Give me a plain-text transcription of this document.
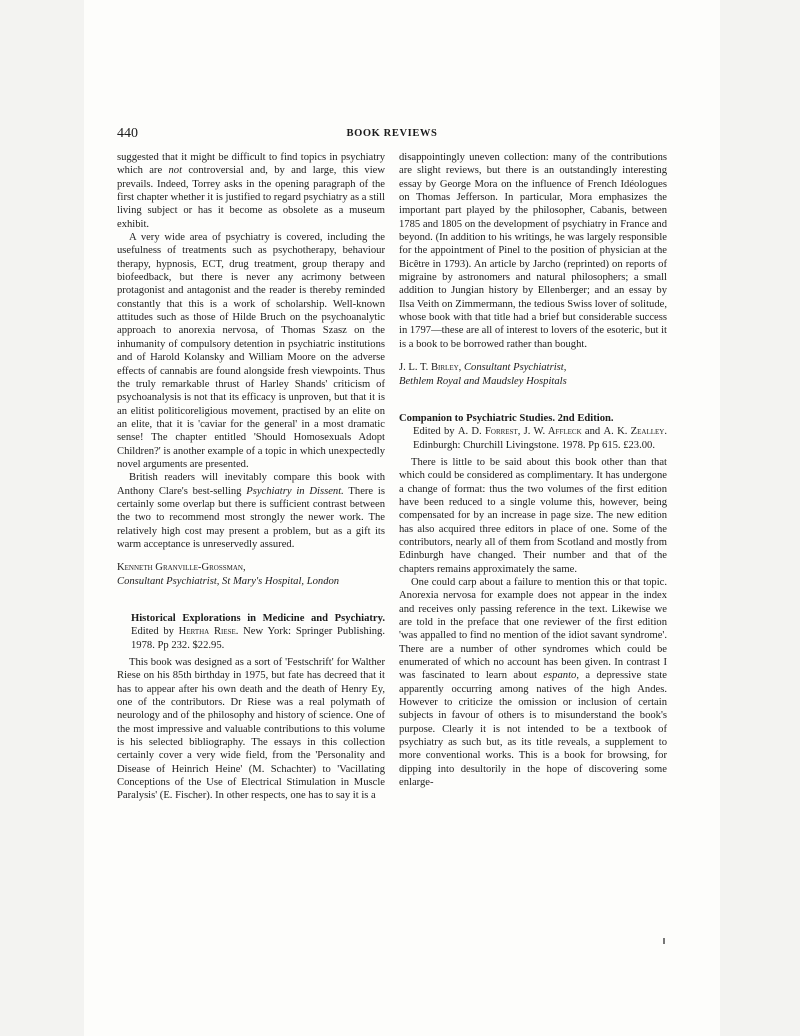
440	BOOK REVIEWS

suggested that it might be difficult to find topics in psychiatry which are not controversial and, by and large, this view prevails. Indeed, Torrey asks in the opening paragraph of the first chapter whether it is justified to regard psychiatry as a still living subject or has it become as obsolete as a museum exhibit.

A very wide area of psychiatry is covered, including the usefulness of treatments such as psychotherapy, behaviour therapy, hypnosis, ECT, drug treatment, group therapy and biofeedback, but there is never any acrimony between protagonist and antagonist and the reader is thereby reminded constantly that this is a work of scholarship. Well-known attitudes such as those of Hilde Bruch on the psychoanalytic approach to anorexia nervosa, of Thomas Szasz on the inhumanity of compulsory detention in psychiatric institutions and of Harold Kolansky and William Moore on the adverse effects of cannabis are found alongside fresh viewpoints. Thus the truly remarkable thrust of Harley Shands' criticism of psychoanalysis is not that its efficacy is unproven, but that it is an elitist politicoreligious movement, practised by an elite on an elite, that it is 'caviar for the general' in a most dramatic sense! The chapter entitled 'Should Homosexuals Adopt Children?' is another example of a topic in which unexpectedly novel arguments are presented.

British readers will inevitably compare this book with Anthony Clare's best-selling Psychiatry in Dissent. There is certainly some overlap but there is sufficient contrast between the two to recommend most strongly the newer work. The relatively high cost may present a problem, but as a gift its warm acceptance is unreservedly assured.

Kenneth Granville-Grossman,
Consultant Psychiatrist, St Mary's Hospital, London
Historical Explorations in Medicine and Psychiatry. Edited by Hertha Riese. New York: Springer Publishing. 1978. Pp 232. $22.95.

This book was designed as a sort of 'Festschrift' for Walther Riese on his 85th birthday in 1975, but fate has decreed that it has to appear after his own death and the death of Henry Ey, one of the contributors. Dr Riese was a real polymath of neurology and of the philosophy and history of science. One of the most impressive and valuable contributions to this volume is his selected bibliography. The essays in this collection certainly cover a very wide field, from the 'Personality and Disease of Heinrich Heine' (M. Schachter) to 'Vacillating Conceptions of the Use of Electrical Stimulation in Muscle Paralysis' (E. Fischer). In other respects, one has to say it is a

disappointingly uneven collection: many of the contributions are slight reviews, but there is an outstandingly interesting essay by George Mora on the influence of French Idéologues on Thomas Jefferson. In particular, Mora emphasizes the important part played by the philosopher, Cabanis, between 1785 and 1805 on the development of psychiatry in France and beyond. (In addition to his writings, he was largely responsible for the appointment of Pinel to the position of physician at the Bicêtre in 1793). An article by Jarcho (reprinted) on reports of migraine by astronomers and natural philosophers; a small addition to Jungian history by Ellenberger; and an essay by Ilsa Veith on Zimmermann, the tedious Swiss lover of solitude, whose book with that title had a brief but considerable success in 1797—these are all of interest to lovers of the esoteric, but it is a book to be borrowed rather than bought.

J. L. T. Birley, Consultant Psychiatrist,
Bethlem Royal and Maudsley Hospitals
Companion to Psychiatric Studies. 2nd Edition.
Edited by A. D. Forrest, J. W. Affleck and A. K. Zealley. Edinburgh: Churchill Livingstone. 1978. Pp 615. £23.00.

There is little to be said about this book other than that which could be considered as complimentary. It has undergone a change of format: thus the two volumes of the first edition have been reduced to a single volume this, however, being compensated for by an increase in page size. The new edition has also acquired three editors in place of one. Some of the contributors, nearly all of them from Scotland and mostly from Edinburgh have changed. Their number and that of the chapters remains approximately the same.

One could carp about a failure to mention this or that topic. Anorexia nervosa for example does not appear in the index and receives only passing reference in the text. Likewise we are told in the preface that one reviewer of the first edition 'was appalled to find no mention of the idiot savant syndrome'. There are a number of other syndromes which could be enumerated of which no account has been given. In contrast I was fascinated to learn about espanto, a depressive state apparently occurring among natives of the high Andes. However to criticize the omission or inclusion of certain subjects in favour of others is to misunderstand the book's purpose. Clearly it is not intended to be a textbook of psychiatry as such but, as its title reveals, a supplement to more conventional works. This is a book for browsing, for dipping into desultorily in the hope of discovering some enlarge-
